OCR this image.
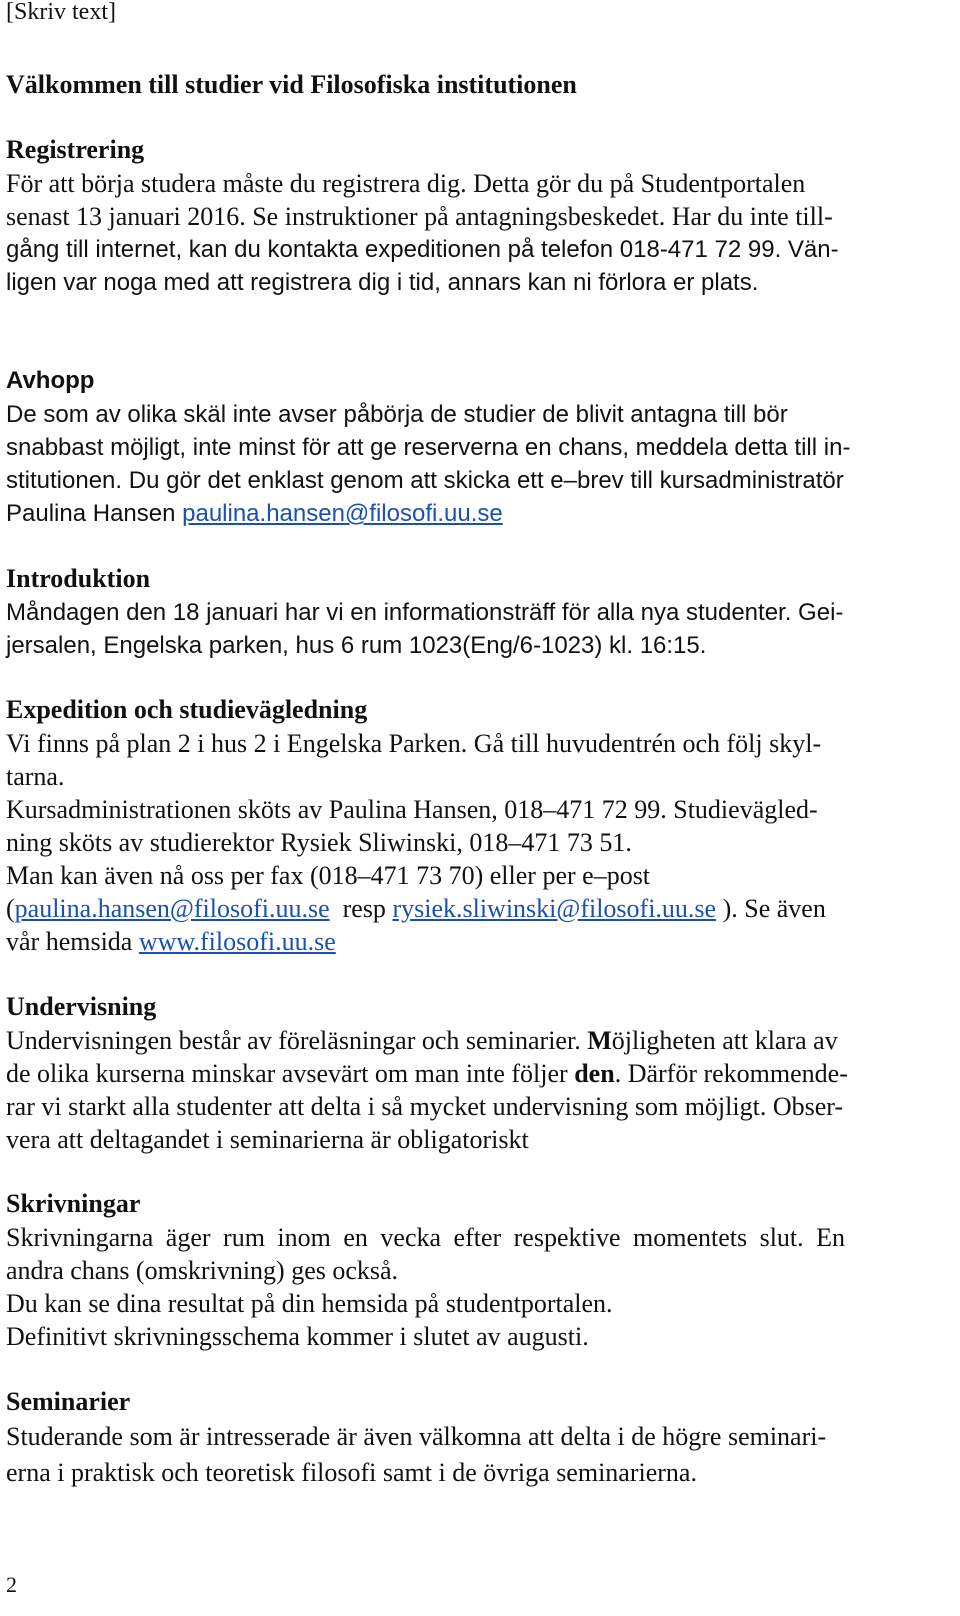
[Skriv text]
Välkommen till studier vid Filosofiska institutionen
Registrering

För att börja studera måste du registrera dig. Detta gör du på Studentportalen

senast 13 januari 2016. Se instruktioner på antagningsbeskedet. Har du inte till-

gång till internet, kan du kontakta expeditionen på telefon 018-471 72 99. Vän-

ligen var noga med att registrera dig i tid, annars kan ni förlora er plats.

Avhopp

De som av olika skäl inte avser påbörja de studier de blivit antagna till bör

snabbast möjligt, inte minst för att ge reserverna en chans, meddela detta till in-

stitutionen. Du gör det enklast genom att skicka ett e–brev till kursadministratör

Paulina Hansen paulina.hansen@filosofi.uu.se

Introduktion

Måndagen den 18 januari har vi en informationsträff för alla nya studenter. Gei-

jersalen, Engelska parken, hus 6 rum 1023(Eng/6-1023) kl. 16:15.

Expedition och studievägledning

Vi finns på plan 2 i hus 2 i Engelska Parken. Gå till huvudentrén och följ skyl-

tarna.

Kursadministrationen sköts av Paulina Hansen, 018–471 72 99. Studievägled-

ning sköts av studierektor Rysiek Sliwinski, 018–471 73 51.

Man kan även nå oss per fax (018–471 73 70) eller per e–post

(paulina.hansen@filosofi.uu.se  resp rysiek.sliwinski@filosofi.uu.se ). Se även

vår hemsida www.filosofi.uu.se

Undervisning

Undervisningen består av föreläsningar och seminarier. Möjligheten att klara av

de olika kurserna minskar avsevärt om man inte följer den. Därför rekommende-

rar vi starkt alla studenter att delta i så mycket undervisning som möjligt. Obser-

vera att deltagandet i seminarierna är obligatoriskt

Skrivningar

Skrivningarna äger rum inom en vecka efter respektive momentets slut. En

andra chans (omskrivning) ges också.

Du kan se dina resultat på din hemsida på studentportalen.

Definitivt skrivningsschema kommer i slutet av augusti.

Seminarier

Studerande som är intresserade är även välkomna att delta i de högre seminari-

erna i praktisk och teoretisk filosofi samt i de övriga seminarierna.

2
